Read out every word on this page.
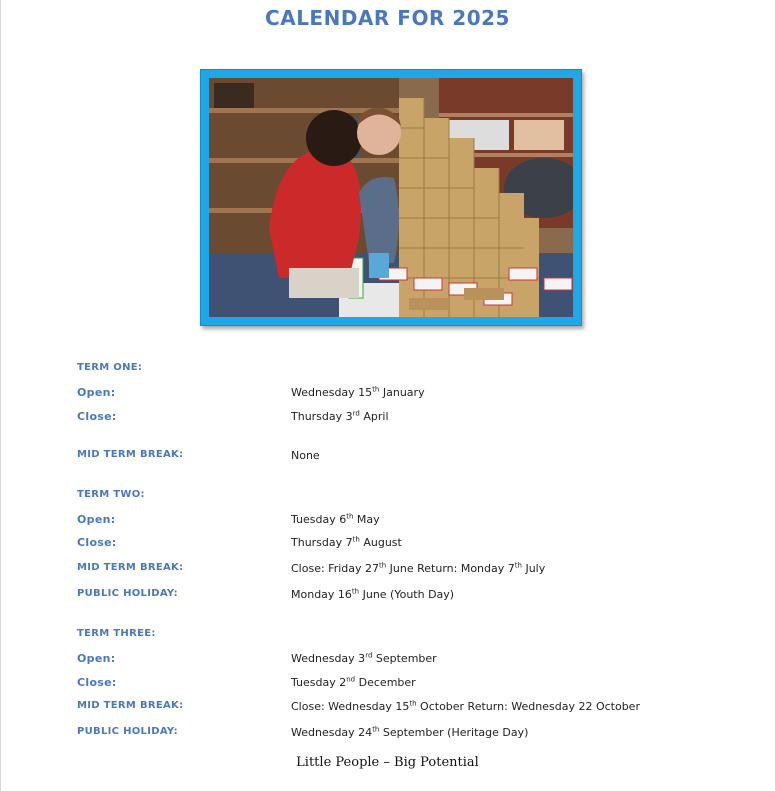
CALENDAR FOR 2025
TERM ONE:
Open:	Wednesday 15th January
Close:	Thursday 3rd April
MID TERM BREAK:	None
TERM TWO:
Open:	Tuesday 6th May
Close:	Thursday 7th August
MID TERM BREAK:	Close: Friday 27th June Return: Monday 7th July
PUBLIC HOLIDAY:	Monday 16th June (Youth Day)
TERM THREE:
Open:	Wednesday 3rd September
Close:	Tuesday 2nd December
MID TERM BREAK:	Close: Wednesday 15th October Return: Wednesday 22 October
PUBLIC HOLIDAY:	Wednesday 24th September (Heritage Day)
Little People – Big Potential
